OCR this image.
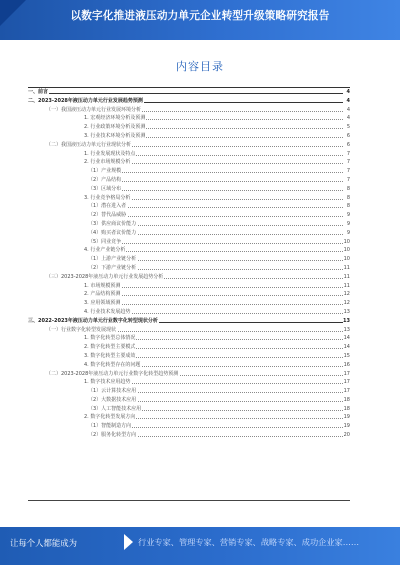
以数字化推进液压动力单元企业转型升级策略研究报告
内容目录
一、前言	4
二、2023-2028年液压动力单元行业发展趋势预测	4
（一）我国液压动力单元行业发展环境分析	4
1. 宏观经济环境分析及预测	4
2. 行业政策环境分析及预测	5
3. 行业技术环境分析及预测	6
（二）我国液压动力单元行业现状分析	6
1. 行业发展现状及特点	7
2. 行业市场规模分析	7
（1）产业规模	7
（2）产品结构	7
（3）区域分布	8
3. 行业竞争格局分析	8
（1）潜在进入者	8
（2）替代品威胁	9
（3）供应商议价能力	9
（4）购买者议价能力	9
（5）同业竞争	10
4. 行业产业链分析	10
（1）上游产业链分析	10
（2）下游产业链分析	11
（三）2023-2028年液压动力单元行业发展趋势分析	11
1. 市场规模预测	11
2. 产品结构预测	12
3. 应用领域预测	12
4. 行业技术发展趋势	13
三、2022-2023年液压动力单元行业数字化转型现状分析	13
（一）行业数字化转型发展现状	13
1. 数字化转型总体情况	14
2. 数字化转型主要模式	14
3. 数字化转型主要成效	15
4. 数字化转型存在的问题	16
（二）2023-2028年液压动力单元行业数字化转型趋势预测	17
1. 数字技术应用趋势	17
（1）云计算技术应用	17
（2）大数据技术应用	18
（3）人工智能技术应用	18
2. 数字化转型发展方向	19
（1）智能制造方向	19
（2）服务化转型方向	20
让每个人都能成为	行业专家、管理专家、营销专家、战略专家、成功企业家……
